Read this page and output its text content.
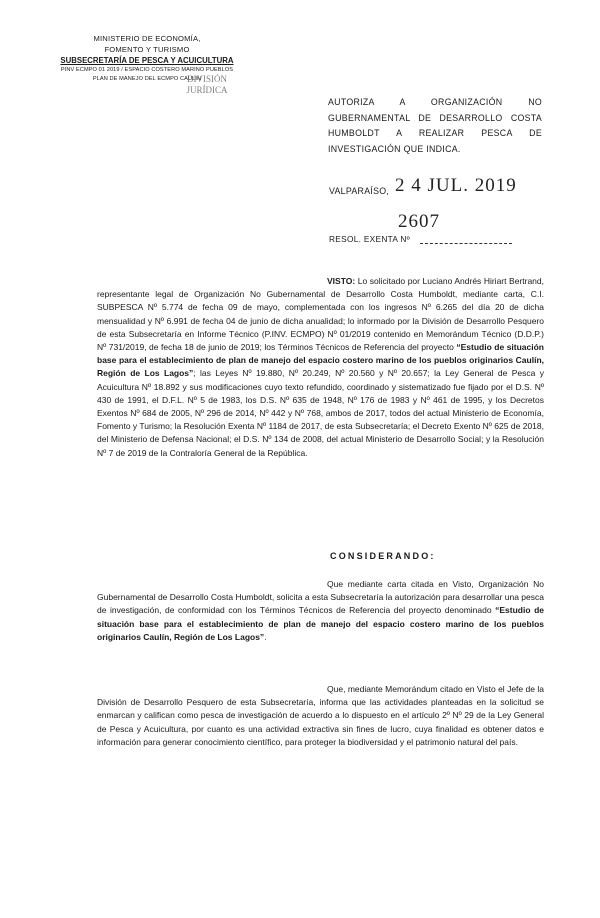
MINISTERIO DE ECONOMÍA,
FOMENTO Y TURISMO
SUBSECRETARÍA DE PESCA Y ACUICULTURA
PINV ECMPO 01 2019 / ESPACIO COSTERO MARINO PUEBLOS
PLAN DE MANEJO DEL ECMPO CAULIN
DIVISIÓN
JURÍDICA
AUTORIZA A ORGANIZACIÓN NO GUBERNAMENTAL DE DESARROLLO COSTA HUMBOLDT A REALIZAR PESCA DE INVESTIGACIÓN QUE INDICA.
VALPARAÍSO, 2 4 JUL. 2019
2607
RESOL. EXENTA Nº
VISTO: Lo solicitado por Luciano Andrés Hiriart Bertrand, representante legal de Organización No Gubernamental de Desarrollo Costa Humboldt, mediante carta, C.I. SUBPESCA Nº 5.774 de fecha 09 de mayo, complementada con los ingresos Nº 6.265 del día 20 de dicha mensualidad y Nº 6.991 de fecha 04 de junio de dicha anualidad; lo informado por la División de Desarrollo Pesquero de esta Subsecretaría en Informe Técnico (P.INV. ECMPO) Nº 01/2019 contenido en Memorándum Técnico (D.D.P.) Nº 731/2019, de fecha 18 de junio de 2019; los Términos Técnicos de Referencia del proyecto “Estudio de situación base para el establecimiento de plan de manejo del espacio costero marino de los pueblos originarios Caulín, Región de Los Lagos”; las Leyes Nº 19.880, Nº 20.249, Nº 20.560 y Nº 20.657; la Ley General de Pesca y Acuicultura Nº 18.892 y sus modificaciones cuyo texto refundido, coordinado y sistematizado fue fijado por el D.S. Nº 430 de 1991, el D.F.L. Nº 5 de 1983, los D.S. Nº 635 de 1948, Nº 176 de 1983 y Nº 461 de 1995, y los Decretos Exentos Nº 684 de 2005, Nº 296 de 2014, Nº 442 y Nº 768, ambos de 2017, todos del actual Ministerio de Economía, Fomento y Turismo; la Resolución Exenta Nº 1184 de 2017, de esta Subsecretaría; el Decreto Exento Nº 625 de 2018, del Ministerio de Defensa Nacional; el D.S. Nº 134 de 2008, del actual Ministerio de Desarrollo Social; y la Resolución Nº 7 de 2019 de la Contraloría General de la República.
CONSIDERANDO:
Que mediante carta citada en Visto, Organización No Gubernamental de Desarrollo Costa Humboldt, solicita a esta Subsecretaría la autorización para desarrollar una pesca de investigación, de conformidad con los Términos Técnicos de Referencia del proyecto denominado “Estudio de situación base para el establecimiento de plan de manejo del espacio costero marino de los pueblos originarios Caulín, Región de Los Lagos”.
Que, mediante Memorándum citado en Visto el Jefe de la División de Desarrollo Pesquero de esta Subsecretaría, informa que las actividades planteadas en la solicitud se enmarcan y califican como pesca de investigación de acuerdo a lo dispuesto en el artículo 2º Nº 29 de la Ley General de Pesca y Acuicultura, por cuanto es una actividad extractiva sin fines de lucro, cuya finalidad es obtener datos e información para generar conocimiento científico, para proteger la biodiversidad y el patrimonio natural del país.
